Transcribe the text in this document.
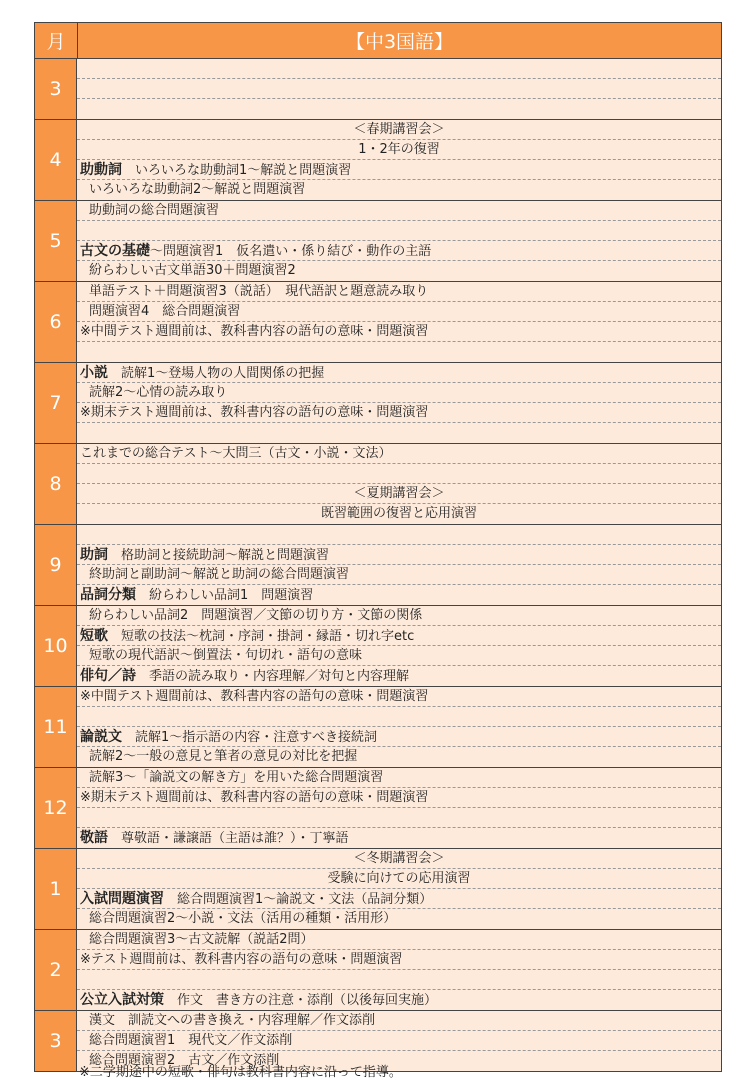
月	【中3国語】
3
4
＜春期講習会＞
1・2年の復習
助動詞　いろいろな助動詞1～解説と問題演習
いろいろな助動詞2～解説と問題演習
5
助動詞の総合問題演習
古文の基礎～問題演習1　仮名遣い・係り結び・動作の主語
紛らわしい古文単語30＋問題演習2
6
単語テスト＋問題演習3（説話）　現代語訳と題意読み取り
問題演習4　総合問題演習
※中間テスト週間前は、教科書内容の語句の意味・問題演習
7
小説　読解1～登場人物の人間関係の把握
読解2～心情の読み取り
※期末テスト週間前は、教科書内容の語句の意味・問題演習
8
これまでの総合テスト～大問三（古文・小説・文法）
＜夏期講習会＞
既習範囲の復習と応用演習
9	助詞　格助詞と接続助詞～解説と問題演習
終助詞と副助詞～解説と助詞の総合問題演習
品詞分類　紛らわしい品詞1　問題演習
10
紛らわしい品詞2　問題演習／文節の切り方・文節の関係
短歌　短歌の技法～枕詞・序詞・掛詞・縁語・切れ字etc
短歌の現代語訳～倒置法・句切れ・語句の意味
俳句／詩　季語の読み取り・内容理解／対句と内容理解
11
※中間テスト週間前は、教科書内容の語句の意味・問題演習
論説文　読解1～指示語の内容・注意すべき接続詞
読解2～一般の意見と筆者の意見の対比を把握
12
読解3～「論説文の解き方」を用いた総合問題演習
※期末テスト週間前は、教科書内容の語句の意味・問題演習
敬語　尊敬語・謙譲語（主語は誰？）・丁寧語
1
＜冬期講習会＞
受験に向けての応用演習
入試問題演習　総合問題演習1～論説文・文法（品詞分類）
総合問題演習2～小説・文法（活用の種類・活用形）
2
総合問題演習3～古文読解（説話2問）
※テスト週間前は、教科書内容の語句の意味・問題演習
公立入試対策　作文　書き方の注意・添削（以後毎回実施）
3
漢文　訓読文への書き換え・内容理解／作文添削
総合問題演習1　現代文／作文添削
総合問題演習2　古文／作文添削
※二学期途中の短歌・俳句は教科書内容に沿って指導。
